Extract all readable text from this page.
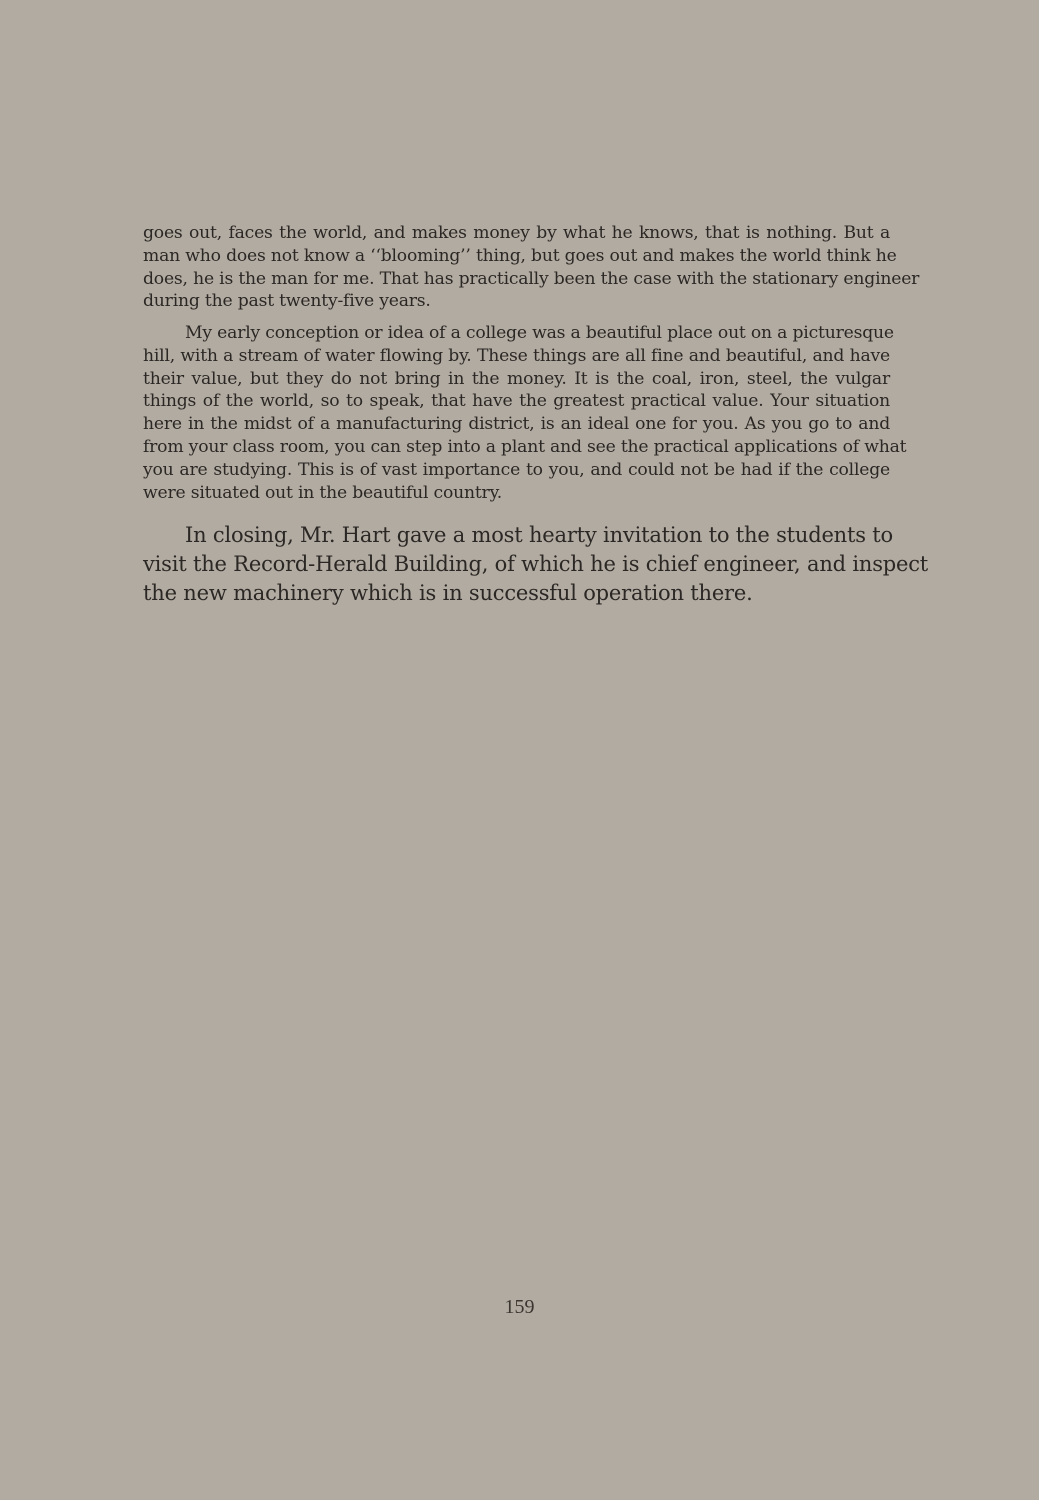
goes out, faces the world, and makes money by what he knows, that is nothing. But a
man who does not know a ‘‘blooming’’ thing, but goes out and makes the world think he
does, he is the man for me. That has practically been the case with the stationary engineer
during the past twenty-five years.
My early conception or idea of a college was a beautiful place out on a picturesque
hill, with a stream of water flowing by. These things are all fine and beautiful, and have
their value, but they do not bring in the money. It is the coal, iron, steel, the vulgar
things of the world, so to speak, that have the greatest practical value. Your situation
here in the midst of a manufacturing district, is an ideal one for you. As you go to and
from your class room, you can step into a plant and see the practical applications of what
you are studying. This is of vast importance to you, and could not be had if the college
were situated out in the beautiful country.
In closing, Mr. Hart gave a most hearty invitation to the students to
visit the Record-Herald Building, of which he is chief engineer, and inspect
the new machinery which is in successful operation there.
159
